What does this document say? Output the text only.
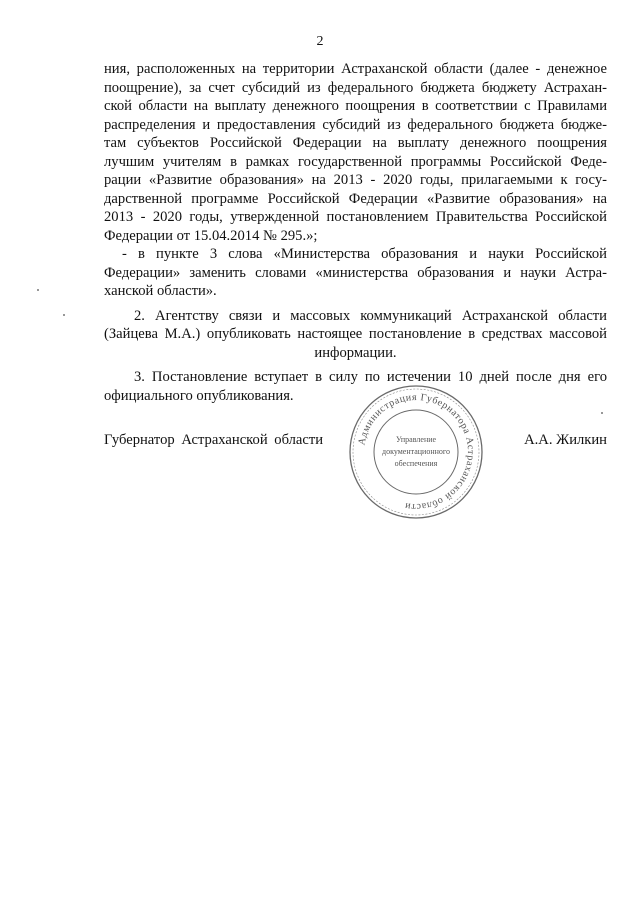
2

ния, расположенных на территории Астраханской области (далее - денежное

поощрение), за счет субсидий из федерального бюджета бюджету Астрахан-

ской области на выплату денежного поощрения в соответствии с Правилами

распределения и предоставления субсидий из федерального бюджета бюдже-

там субъектов Российской Федерации на выплату денежного поощрения

лучшим учителям в рамках государственной программы Российской Феде-

рации «Развитие образования» на 2013 - 2020 годы, прилагаемыми к госу-

дарственной программе Российской Федерации «Развитие образования» на

2013 - 2020 годы, утвержденной постановлением Правительства Российской

Федерации от 15.04.2014 № 295.»;

- в пункте 3 слова «Министерства образования и науки Российской

Федерации» заменить словами «министерства образования и науки Астра-

ханской области».

2. Агентству связи и массовых коммуникаций Астраханской области

(Зайцева М.А.) опубликовать настоящее постановление в средствах массовой

информации.

3. Постановление вступает в силу по истечении 10 дней после дня его

официального опубликования.

Губернатор Астраханской области	Администрация Губернатора Астраханской области
Управление
документационного
обеспечения
А.А. Жилкин
